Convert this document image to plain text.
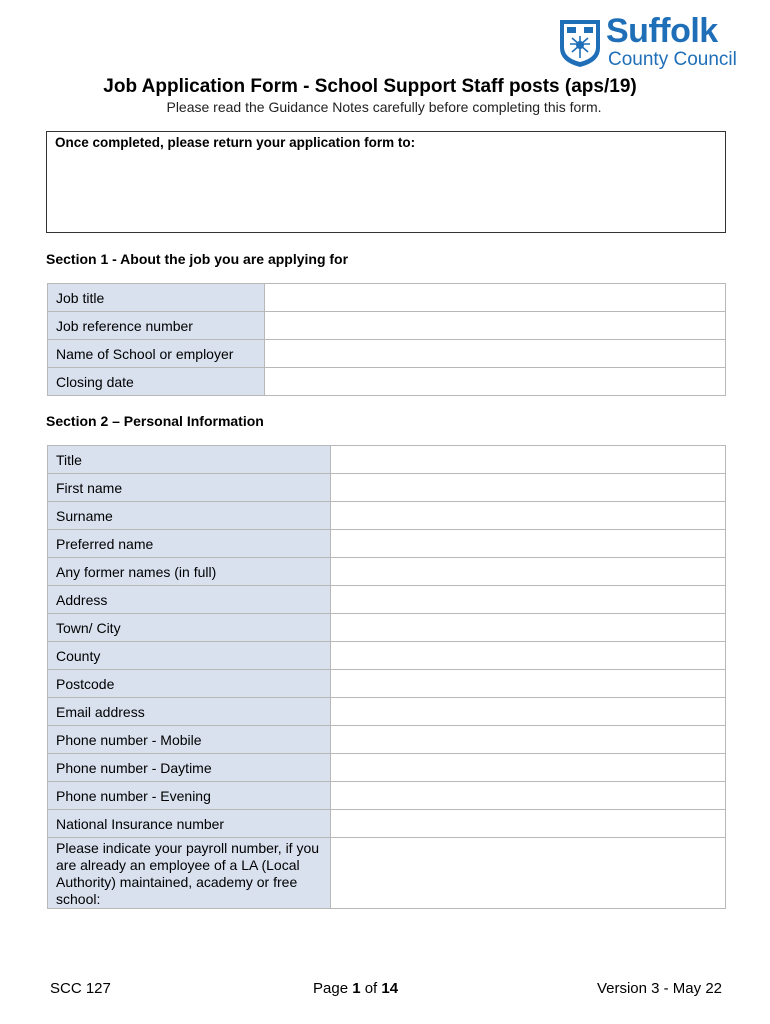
Suffolk
County Council
Job Application Form - School Support Staff posts (aps/19)
Please read the Guidance Notes carefully before completing this form.
Once completed, please return your application form to:
Section 1 - About the job you are applying for
Job title	
Job reference number	
Name of School or employer	
Closing date	
Section 2 – Personal Information
Title	
First name	
Surname	
Preferred name	
Any former names (in full)	
Address	
Town/ City	
County	
Postcode	
Email address	
Phone number - Mobile	
Phone number - Daytime	
Phone number - Evening	
National Insurance number	
Please indicate your payroll number, if you are already an employee of a LA (Local Authority) maintained, academy or free school:	
SCC 127	Page 1 of 14	Version 3 - May 22
